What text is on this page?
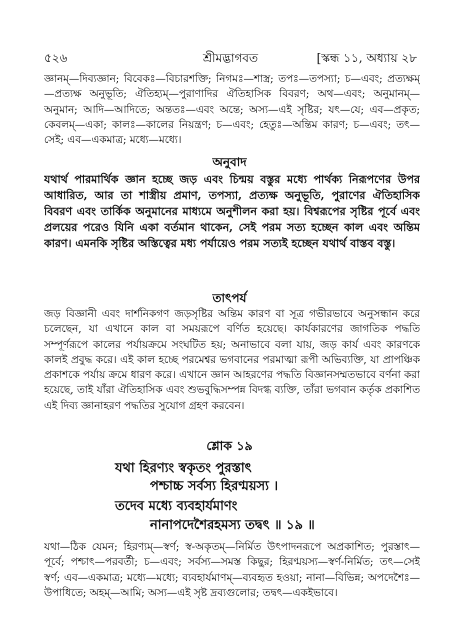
৫২৬	শ্রীমদ্ভাগবত	[স্কন্ধ ১১, অধ্যায় ২৮

জ্ঞানম্—দিব্যজ্ঞান; বিবেকঃ—বিচারশক্তি; নিগমঃ—শাস্ত্র; তপঃ—তপস্যা; চ—এবং; প্রত্যক্ষম্—প্রত্যক্ষ অনুভূতি; ঐতিহ্যম্—পুরাণাদির ঐতিহাসিক বিবরণ; অথ—এবং; অনুমানম্—অনুমান; আদি—আদিতে; অন্ততঃ—এবং অন্তে; অস্য—এই সৃষ্টির; যৎ—যে; এব—প্রকৃত; কেবলম্—একা; কালঃ—কালের নিয়ন্ত্রণ; চ—এবং; হেতুঃ—অন্তিম কারণ; চ—এবং; তৎ—সেই; এব—একমাত্র; মধ্যে—মধ্যে।

অনুবাদ

যথার্থ পারমার্থিক জ্ঞান হচ্ছে জড় এবং চিন্ময় বস্তুর মধ্যে পার্থক্য নিরূপণের উপর আধারিত, আর তা শাস্ত্রীয় প্রমাণ, তপস্যা, প্রত্যক্ষ অনুভূতি, পুরাণের ঐতিহাসিক বিবরণ এবং তার্কিক অনুমানের মাধ্যমে অনুশীলন করা হয়। বিশ্বরূপের সৃষ্টির পূর্বে এবং প্রলয়ের পরেও যিনি একা বর্তমান থাকেন, সেই পরম সত্য হচ্ছেন কাল এবং অন্তিম কারণ। এমনকি সৃষ্টির অস্তিত্বের মধ্য পর্যায়েও পরম সত্যই হচ্ছেন যথার্থ বাস্তব বস্তু।

তাৎপর্য

জড় বিজ্ঞানী এবং দার্শনিকগণ জড়সৃষ্টির অন্তিম কারণ বা সূত্র গভীরভাবে অনুসন্ধান করে চলেছেন, যা এখানে কাল বা সময়রূপে বর্ণিত হয়েছে। কার্যকারণের জাগতিক পদ্ধতি সম্পূর্ণরূপে কালের পর্যায়ক্রমে সংঘটিত হয়; অনাভাবে বলা যায়, জড় কার্য এবং কারণকে কালই প্রবুদ্ধ করে। এই কাল হচ্ছে পরমেশ্বর ভগবানের পরমাত্মা রূপী অভিব্যক্তি, যা প্রাপঞ্চিক প্রকাশকে পর্যায় ক্রমে ধারণ করে। এখানে জ্ঞান আহরণের পদ্ধতি বিজ্ঞানসম্মতভাবে বর্ণনা করা হয়েছে, তাই যাঁরা ঐতিহাসিক এবং শুভবুদ্ধিসম্পন্ন বিদগ্ধ ব্যক্তি, তাঁরা ভগবান কর্তৃক প্রকাশিত এই দিব্য জ্ঞানাহরণ পদ্ধতির সুযোগ গ্রহণ করবেন।

শ্লোক ১৯
যথা হিরণ্যং স্বকৃতং পুরস্তাৎ
পশ্চাচ্চ সর্বস্য হিরণ্ময়স্য ।
তদেব মধ্যে ব্যবহার্যমাণং
নানাপদেশৈরহমস্য তদ্বৎ ॥ ১৯ ॥

যথা—ঠিক যেমন; হিরণ্যম্—স্বর্ণ; স্ব-অকৃতম্—নির্মিত উৎপাদনরূপে অপ্রকাশিত; পুরস্তাৎ—পূর্বে; পশ্চাৎ—পরবর্তী; চ—এবং; সর্বস্য—সমস্ত কিছুর; হিরণ্ময়স্য—স্বর্ণ-নির্মিত; তৎ—সেই স্বর্ণ; এব—একমাত্র; মধ্যে—মধ্যে; ব্যবহার্যমাণম্—ব্যবহৃত হওয়া; নানা—বিভিন্ন; অপদেশৈঃ—উপাধিতে; অহম্—আমি; অস্য—এই সৃষ্ট দ্রব্যগুলোর; তদ্বৎ—একইভাবে।
